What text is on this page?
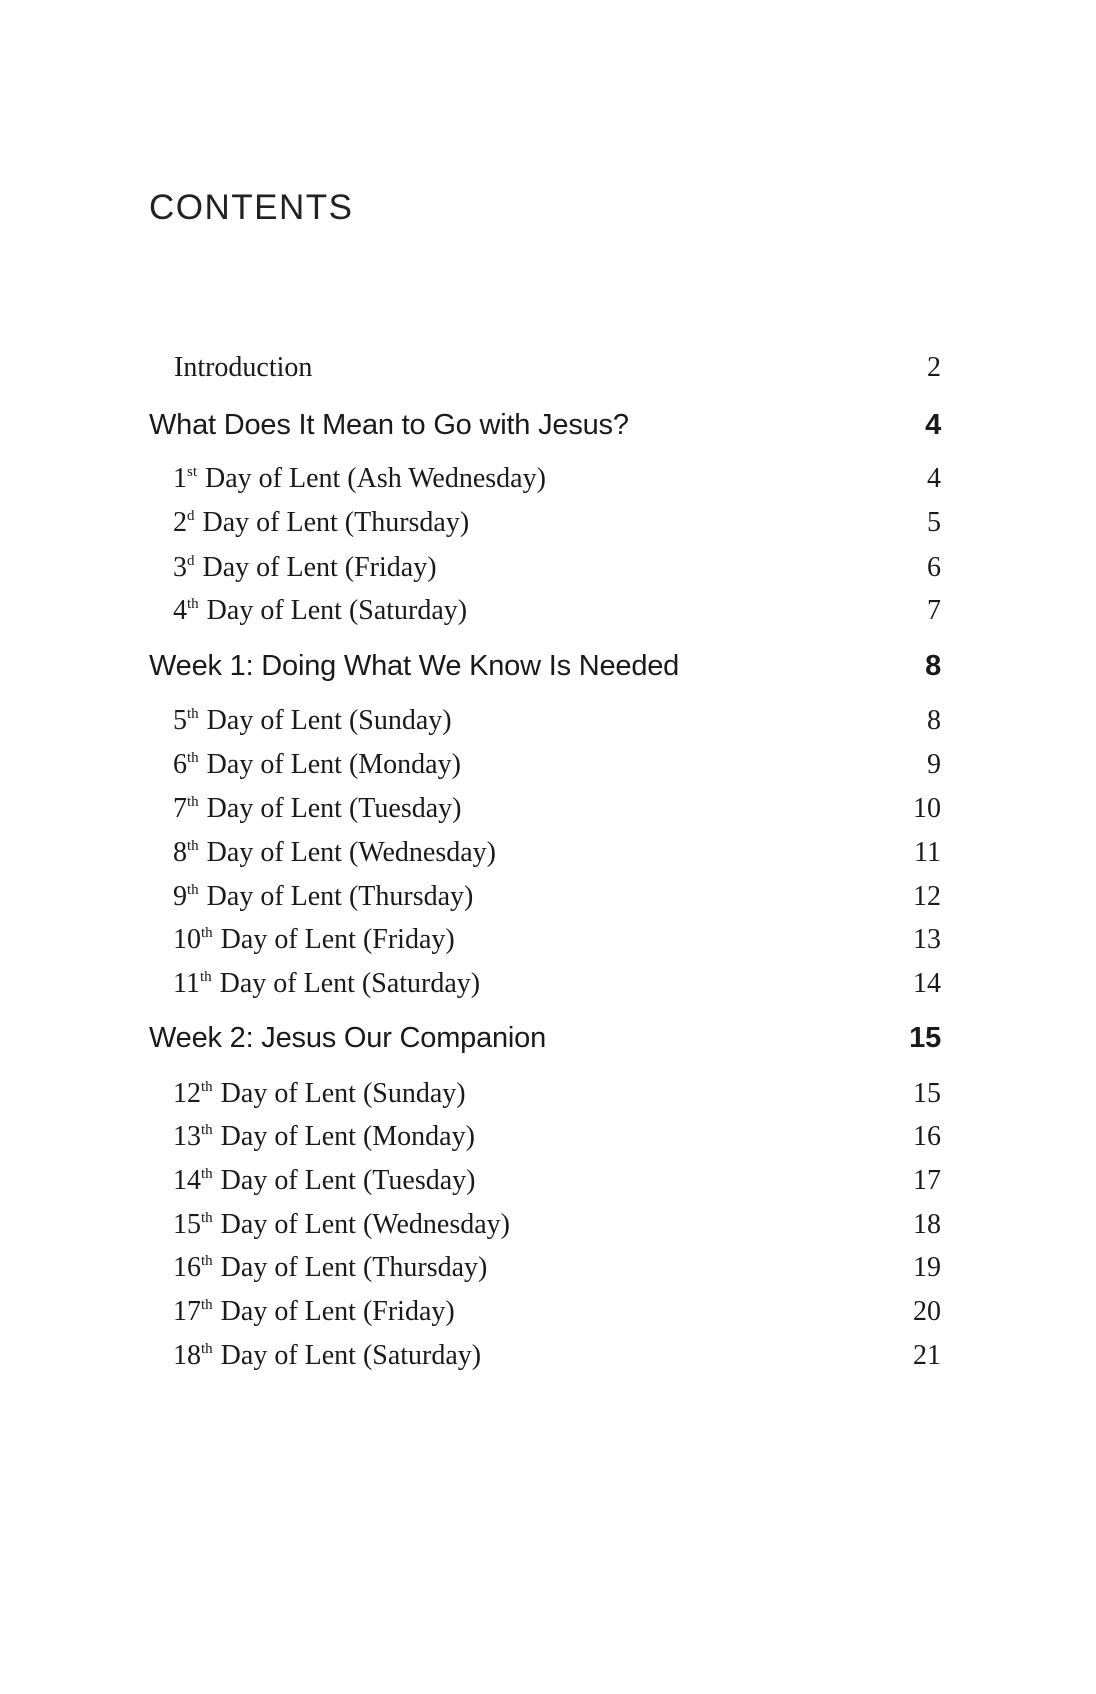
CONTENTS
Introduction	2
What Does It Mean to Go with Jesus?	4
1st Day of Lent (Ash Wednesday)	4
2$^d$ Day of Lent (Thursday)	5
3$^d$ Day of Lent (Friday)	6
4th Day of Lent (Saturday)	7
Week 1: Doing What We Know Is Needed	8
5th Day of Lent (Sunday)	8
6th Day of Lent (Monday)	9
7th Day of Lent (Tuesday)	10
8th Day of Lent (Wednesday)	11
9th Day of Lent (Thursday)	12
10th Day of Lent (Friday)	13
11th Day of Lent (Saturday)	14
Week 2: Jesus Our Companion	15
12th Day of Lent (Sunday)	15
13th Day of Lent (Monday)	16
14th Day of Lent (Tuesday)	17
15th Day of Lent (Wednesday)	18
16th Day of Lent (Thursday)	19
17th Day of Lent (Friday)	20
18th Day of Lent (Saturday)	21
